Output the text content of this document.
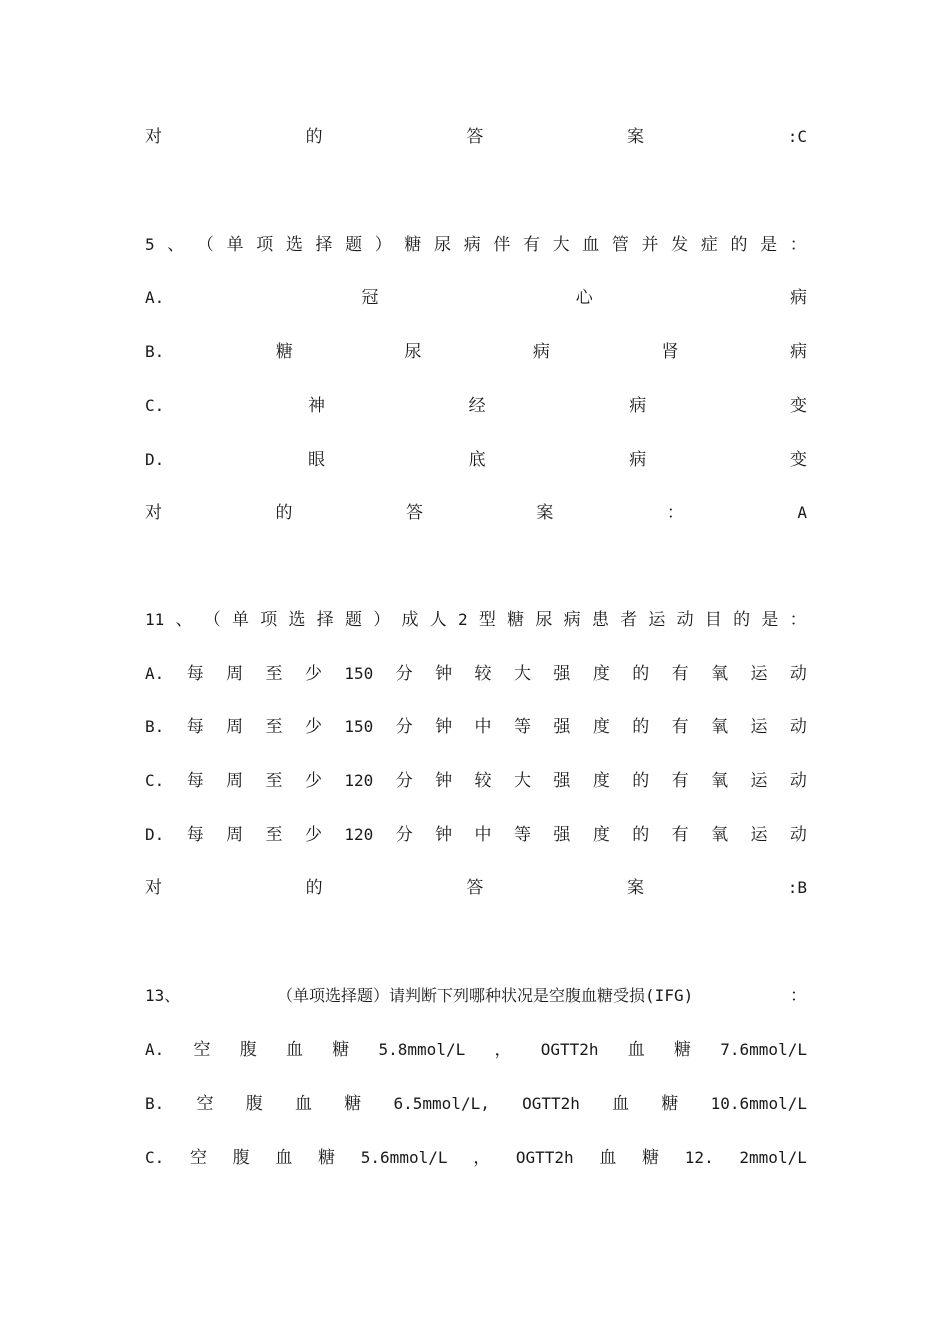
对	的	答	案	:C
5 、 （ 单 项 选 择 题 ） 糖 尿 病 伴 有 大 血 管 并 发 症 的 是 ：
A.	冠	心	病
B.	糖	尿	病	肾	病
C.	神	经	病	变
D.	眼	底	病	变
对	的	答	案	：	A
11 、 （ 单 项 选 择 题 ） 成 人 2 型 糖 尿 病 患 者 运 动 目 的 是 ：
A. 每 周 至 少 150 分 钟 较 大 强 度 的 有 氧 运 动
B. 每 周 至 少 150 分 钟 中 等 强 度 的 有 氧 运 动
C. 每 周 至 少 120 分 钟 较 大 强 度 的 有 氧 运 动
D. 每 周 至 少 120 分 钟 中 等 强 度 的 有 氧 运 动
对	的	答	案	:B
13、	（单项选择题）请判断下列哪种状况是空腹血糖受损(IFG)	：
A. 空 腹 血 糖 5.8mmol/L ， OGTT2h 血 糖 7.6mmol/L
B. 空 腹 血 糖 6.5mmol/L, OGTT2h 血 糖 10.6mmol/L
C. 空 腹 血 糖 5.6mmol/L ， OGTT2h 血 糖 12. 2mmol/L
